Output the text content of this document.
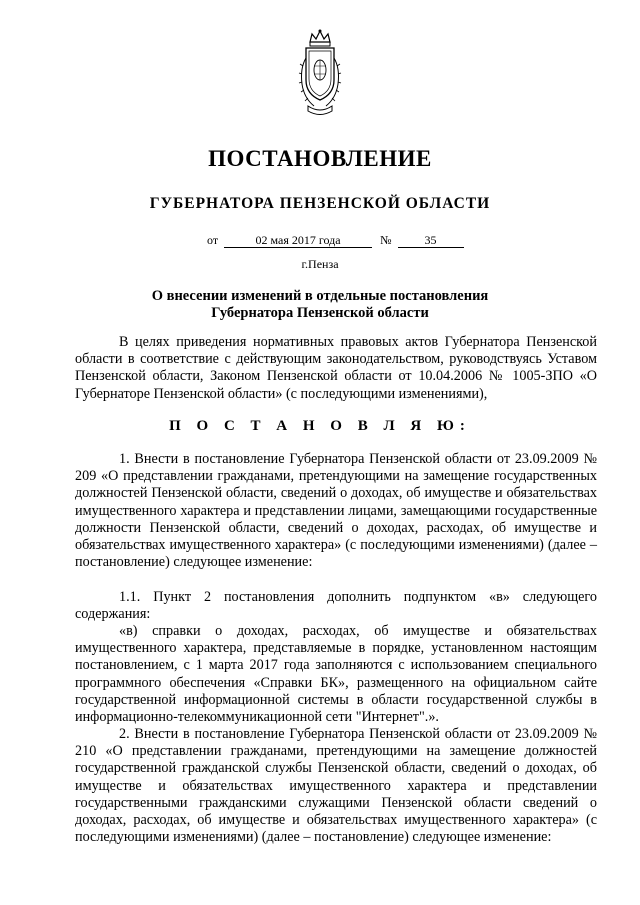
ПОСТАНОВЛЕНИЕ
ГУБЕРНАТОРА ПЕНЗЕНСКОЙ ОБЛАСТИ
от	02 мая 2017 года	№	35
г.Пенза
О внесении изменений в отдельные постановления
Губернатора Пензенской области
В целях приведения нормативных правовых актов Губернатора Пензенской области в соответствие с действующим законодательством, руководствуясь Уставом Пензенской области, Законом Пензенской области от 10.04.2006 № 1005-ЗПО «О Губернаторе Пензенской области» (с последующими изменениями),
П О С Т А Н О В Л Я Ю:
1. Внести в постановление Губернатора Пензенской области от 23.09.2009 № 209 «О представлении гражданами, претендующими на замещение государственных должностей Пензенской области, сведений о доходах, об имуществе и обязательствах имущественного характера и представлении лицами, замещающими государственные должности Пензенской области, сведений о доходах, расходах, об имуществе и обязательствах имущественного характера» (с последующими изменениями) (далее – постановление) следующее изменение:
1.1. Пункт 2 постановления дополнить подпунктом «в» следующего содержания:
«в) справки о доходах, расходах, об имуществе и обязательствах имущественного характера, представляемые в порядке, установленном настоящим постановлением, с 1 марта 2017 года заполняются с использованием специального программного обеспечения «Справки БК», размещенного на официальном сайте государственной информационной системы в области государственной службы в информационно-телекоммуникационной сети "Интернет".».
2. Внести в постановление Губернатора Пензенской области от 23.09.2009 № 210 «О представлении гражданами, претендующими на замещение должностей государственной гражданской службы Пензенской области, сведений о доходах, об имуществе и обязательствах имущественного характера и представлении государственными гражданскими служащими Пензенской области сведений о доходах, расходах, об имуществе и обязательствах имущественного характера» (с последующими изменениями) (далее – постановление) следующее изменение:
